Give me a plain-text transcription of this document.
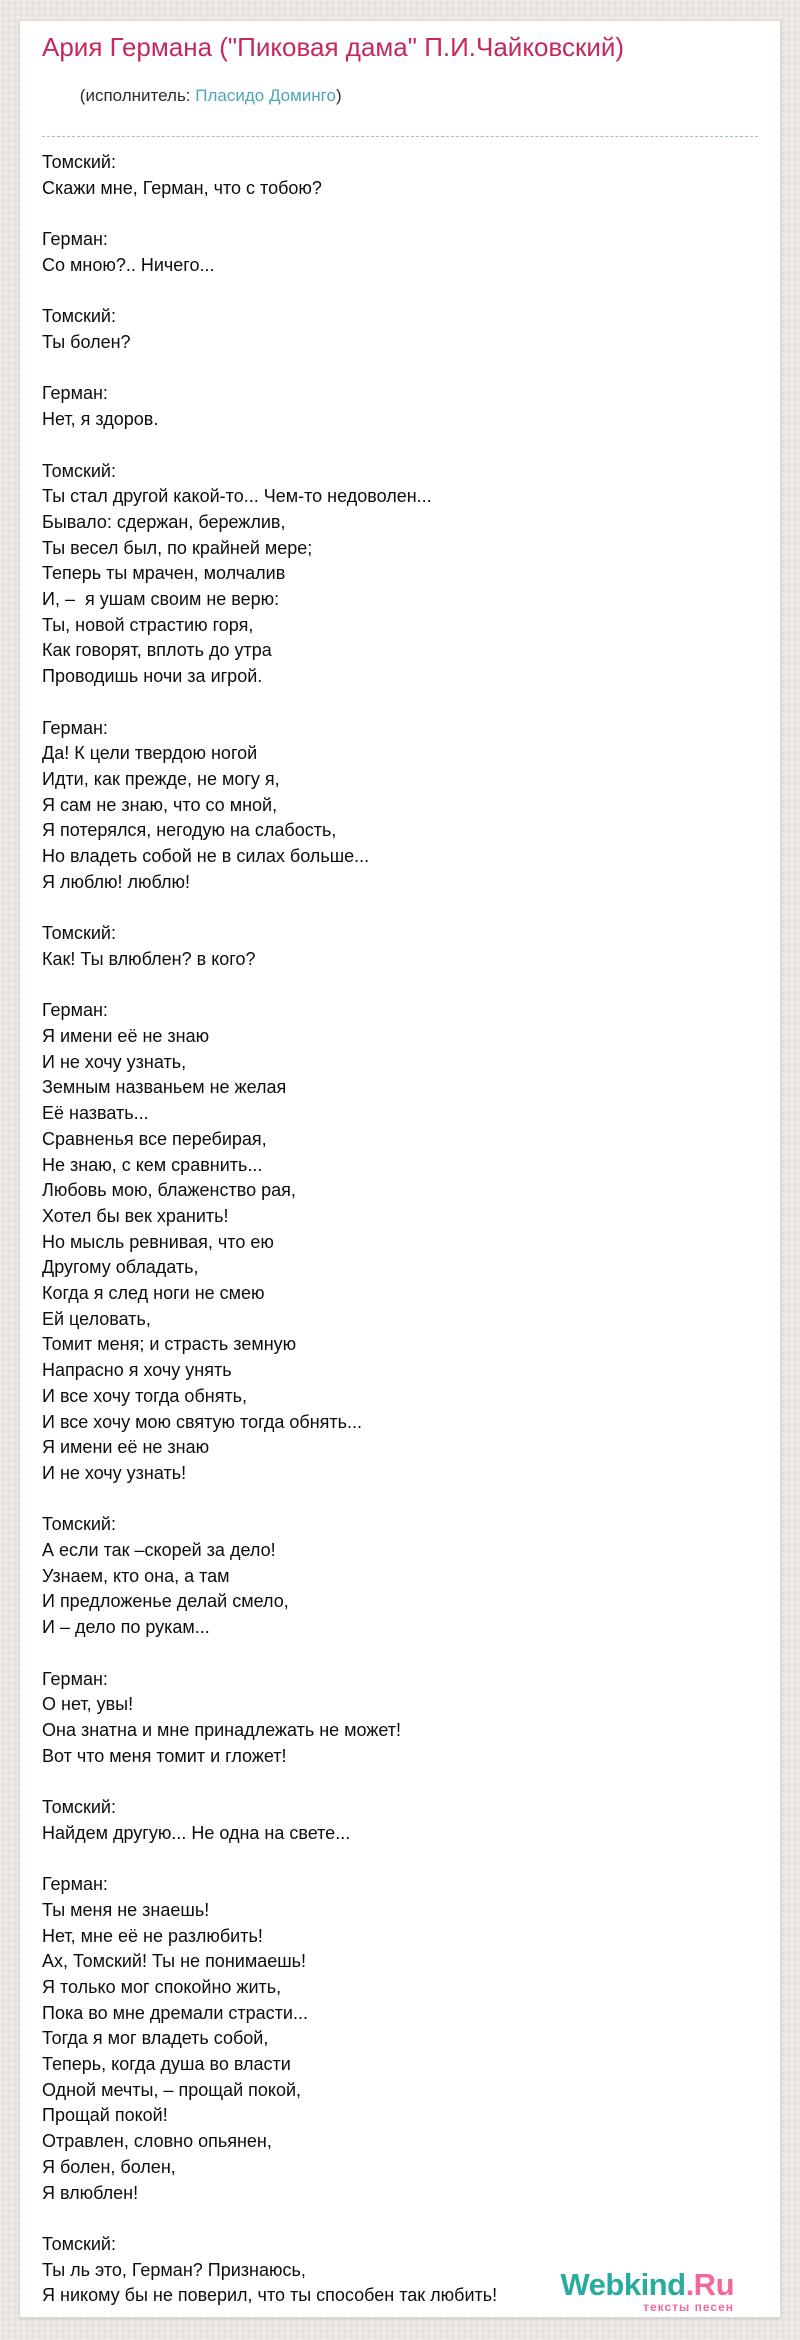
Ария Германа ("Пиковая дама" П.И.Чайковский)

(исполнитель: Пласидо Доминго)

Томский:
Скажи мне, Герман, что с тобою?
Герман:
Со мною?.. Ничего...
Томский:
Ты болен?
Герман:
Нет, я здоров.
Томский:
Ты стал другой какой-то... Чем-то недоволен...
Бывало: сдержан, бережлив,
Ты весел был, по крайней мере;
Теперь ты мрачен, молчалив
И, –  я ушам своим не верю:
Ты, новой страстию горя,
Как говорят, вплоть до утра
Проводишь ночи за игрой.
Герман:
Да! К цели твердою ногой
Идти, как прежде, не могу я,
Я сам не знаю, что со мной,
Я потерялся, негодую на слабость,
Но владеть собой не в силах больше...
Я люблю! люблю!
Томский:
Как! Ты влюблен? в кого?
Герман:
Я имени её не знаю
И не хочу узнать,
Земным названьем не желая
Её назвать...
Сравненья все перебирая,
Не знаю, с кем сравнить...
Любовь мою, блаженство рая,
Хотел бы век хранить!
Но мысль ревнивая, что ею
Другому обладать,
Когда я след ноги не смею
Ей целовать,
Томит меня; и страсть земную
Напрасно я хочу унять
И все хочу тогда обнять,
И все хочу мою святую тогда обнять...
Я имени её не знаю
И не хочу узнать!
Томский:
А если так –скорей за дело!
Узнаем, кто она, а там
И предложенье делай смело,
И – дело по рукам...
Герман:
О нет, увы!
Она знатна и мне принадлежать не может!
Вот что меня томит и гложет!
Томский:
Найдем другую... Не одна на свете...
Герман:
Ты меня не знаешь!
Нет, мне её не разлюбить!
Ах, Томский! Ты не понимаешь!
Я только мог спокойно жить,
Пока во мне дремали страсти...
Тогда я мог владеть собой,
Теперь, когда душа во власти
Одной мечты, – прощай покой,
Прощай покой!
Отравлен, словно опьянен,
Я болен, болен,
Я влюблен!
Томский:
Ты ль это, Герман? Признаюсь,
Я никому бы не поверил, что ты способен так любить!	Webkind.Ru
тексты песен
